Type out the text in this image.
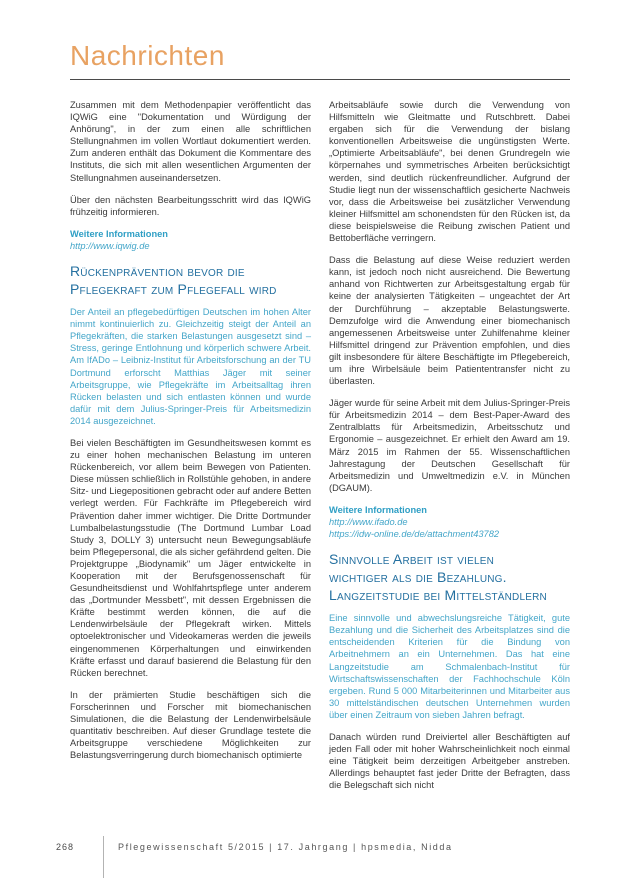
Nachrichten

Zusammen mit dem Methodenpapier veröffentlicht das IQWiG eine "Dokumentation und Würdigung der Anhörung", in der zum einen alle schriftlichen Stellungnahmen im vollen Wortlaut dokumentiert werden. Zum anderen enthält das Dokument die Kommentare des Instituts, die sich mit allen wesentlichen Argumenten der Stellungnahmen auseinandersetzen.

Über den nächsten Bearbeitungsschritt wird das IQWiG frühzeitig informieren.

Weitere Informationen
http://www.iqwig.de
Rückenprävention bevor die
Pflegekraft zum Pflegefall wird

Der Anteil an pflegebedürftigen Deutschen im hohen Alter nimmt kontinuierlich zu. Gleichzeitig steigt der Anteil an Pflegekräften, die starken Belastungen ausgesetzt sind – Stress, geringe Entlohnung und körperlich schwere Arbeit. Am IfADo – Leibniz-Institut für Arbeitsforschung an der TU Dortmund erforscht Matthias Jäger mit seiner Arbeitsgruppe, wie Pflegekräfte im Arbeitsalltag ihren Rücken belasten und sich entlasten können und wurde dafür mit dem Julius-Springer-Preis für Arbeitsmedizin 2014 ausgezeichnet.

Bei vielen Beschäftigten im Gesundheitswesen kommt es zu einer hohen mechanischen Belastung im unteren Rückenbereich, vor allem beim Bewegen von Patienten. Diese müssen schließlich in Rollstühle gehoben, in andere Sitz- und Liegepositionen gebracht oder auf andere Betten verlegt werden. Für Fachkräfte im Pflegebereich wird Prävention daher immer wichtiger. Die Dritte Dortmunder Lumbalbelastungsstudie (The Dortmund Lumbar Load Study 3, DOLLY 3) untersucht neun Bewegungsabläufe beim Pflegepersonal, die als sicher gefährdend gelten. Die Projektgruppe „Biodynamik" um Jäger entwickelte in Kooperation mit der Berufsgenossenschaft für Gesundheitsdienst und Wohlfahrtspflege unter anderem das „Dortmunder Messbett", mit dessen Ergebnissen die Kräfte bestimmt werden können, die auf die Lendenwirbelsäule der Pflegekraft wirken. Mittels optoelektronischer und Videokameras werden die jeweils eingenommenen Körperhaltungen und einwirkenden Kräfte erfasst und darauf basierend die Belastung für den Rücken berechnet.

In der prämierten Studie beschäftigen sich die Forscherinnen und Forscher mit biomechanischen Simulationen, die die Belastung der Lendenwirbelsäule quantitativ beschreiben. Auf dieser Grundlage testete die Arbeitsgruppe verschiedene Möglichkeiten zur Belastungsverringerung durch biomechanisch optimierte

Arbeitsabläufe sowie durch die Verwendung von Hilfsmitteln wie Gleitmatte und Rutschbrett. Dabei ergaben sich für die Verwendung der bislang konventionellen Arbeitsweise die ungünstigsten Werte. „Optimierte Arbeitsabläufe", bei denen Grundregeln wie körpernahes und symmetrisches Arbeiten berücksichtigt werden, sind deutlich rückenfreundlicher. Aufgrund der Studie liegt nun der wissenschaftlich gesicherte Nachweis vor, dass die Arbeitsweise bei zusätzlicher Verwendung kleiner Hilfsmittel am schonendsten für den Rücken ist, da diese beispielsweise die Reibung zwischen Patient und Bettoberfläche verringern.

Dass die Belastung auf diese Weise reduziert werden kann, ist jedoch noch nicht ausreichend. Die Bewertung anhand von Richtwerten zur Arbeitsgestaltung ergab für keine der analysierten Tätigkeiten – ungeachtet der Art der Durchführung – akzeptable Belastungswerte. Demzufolge wird die Anwendung einer biomechanisch angemessenen Arbeitsweise unter Zuhilfenahme kleiner Hilfsmittel dringend zur Prävention empfohlen, und dies gilt insbesondere für ältere Beschäftigte im Pflegebereich, um ihre Wirbelsäule beim Patiententransfer nicht zu überlasten.

Jäger wurde für seine Arbeit mit dem Julius-Springer-Preis für Arbeitsmedizin 2014 – dem Best-Paper-Award des Zentralblatts für Arbeitsmedizin, Arbeitsschutz und Ergonomie – ausgezeichnet. Er erhielt den Award am 19. März 2015 im Rahmen der 55. Wissenschaftlichen Jahrestagung der Deutschen Gesellschaft für Arbeitsmedizin und Umweltmedizin e.V. in München (DGAUM).

Weitere Informationen
http://www.ifado.de
https://idw-online.de/de/attachment43782
Sinnvolle Arbeit ist vielen
wichtiger als die Bezahlung.
Langzeitstudie bei Mittelständlern

Eine sinnvolle und abwechslungsreiche Tätigkeit, gute Bezahlung und die Sicherheit des Arbeitsplatzes sind die entscheidenden Kriterien für die Bindung von Arbeitnehmern an ein Unternehmen. Das hat eine Langzeitstudie am Schmalenbach-Institut für Wirtschaftswissenschaften der Fachhochschule Köln ergeben. Rund 5 000 Mitarbeiterinnen und Mitarbeiter aus 30 mittelständischen deutschen Unternehmen wurden über einen Zeitraum von sieben Jahren befragt.

Danach würden rund Dreiviertel aller Beschäftigten auf jeden Fall oder mit hoher Wahrscheinlichkeit noch einmal eine Tätigkeit beim derzeitigen Arbeitgeber anstreben. Allerdings behauptet fast jeder Dritte der Befragten, dass die Belegschaft sich nicht

268	Pflegewissenschaft 5/2015 | 17. Jahrgang | hpsmedia, Nidda
